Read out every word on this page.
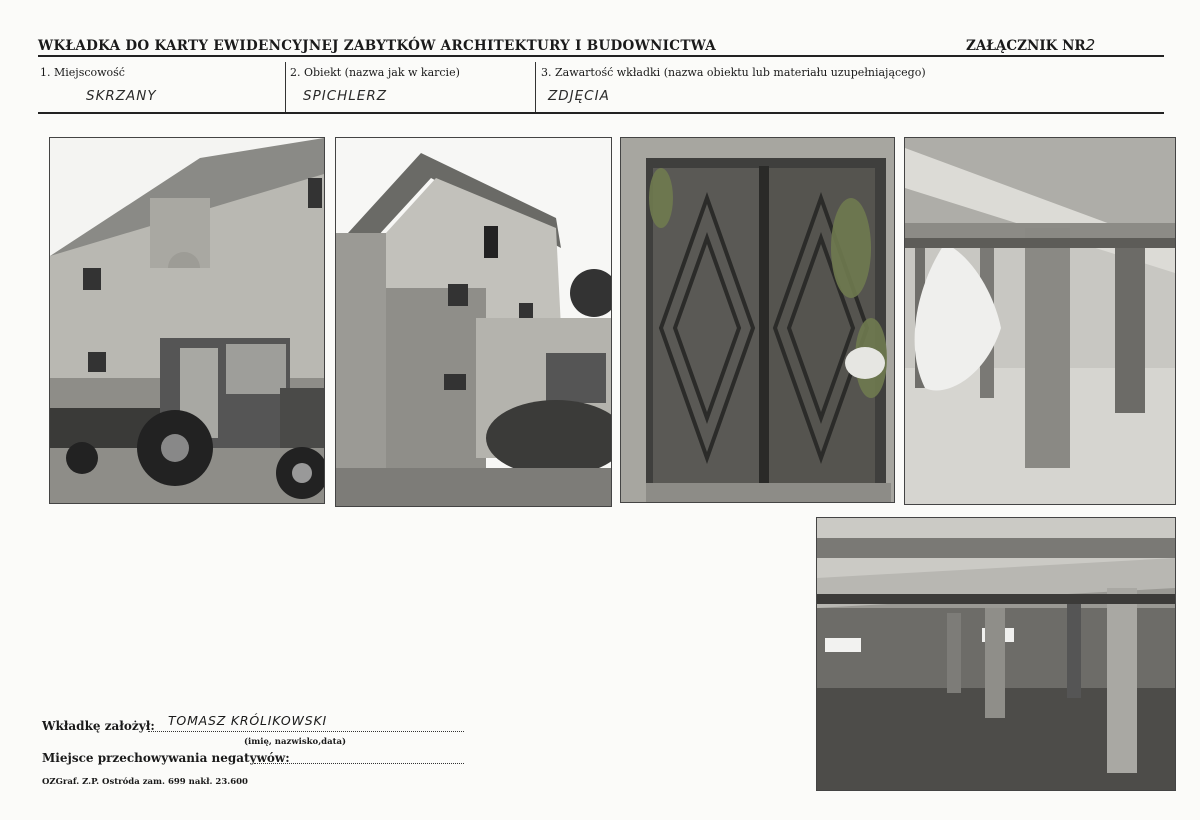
WKŁADKA DO KARTY EWIDENCYJNEJ ZABYTKÓW ARCHITEKTURY I BUDOWNICTWA	ZAŁĄCZNIK NR2
1. Miejscowość	2. Obiekt (nazwa jak w karcie)	3. Zawartość wkładki (nazwa obiektu lub materiału uzupełniającego)
SKRZANY	SPICHLERZ	ZDJĘCIA
Wkładkę założył: TOMASZ KRÓLIKOWSKI
(imię, nazwisko,data)
Miejsce przechowywania negatywów:
OZGraf. Z.P. Ostróda zam. 699 nakł. 23.600
